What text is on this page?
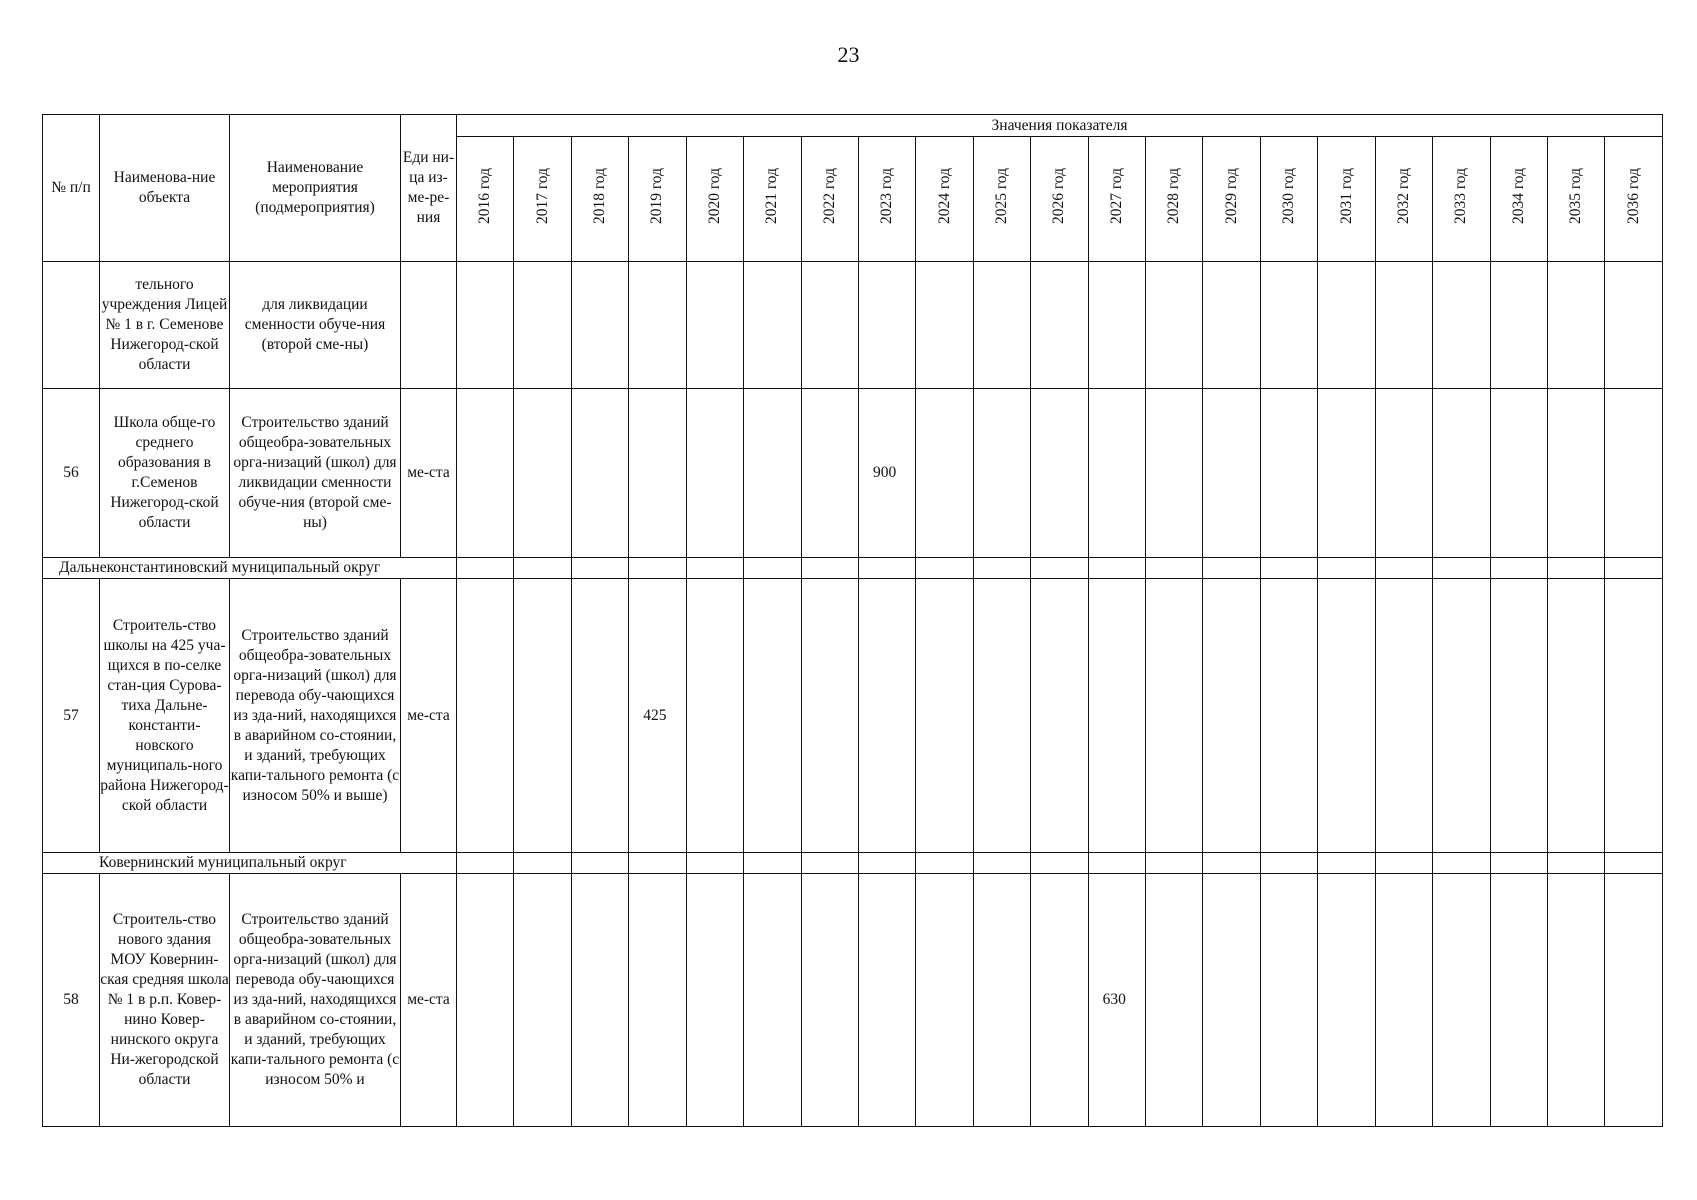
23
№ п/п	Наименова-ние объекта	Наименование мероприятия (подмероприятия)	Еди ни-ца из-ме-ре-ния	Значения показателя																				
				2016 год	2017 год	2018 год	2019 год	2020 год	2021 год	2022 год	2023 год	2024 год	2025 год	2026 год	2027 год	2028 год	2029 год	2030 год	2031 год	2032 год	2033 год	2034 год	2035 год	2036 год
	тельного учреждения Лицей № 1 в г. Семенове Нижегород-ской области	для ликвидации сменности обуче-ния (второй сме-ны)																						
56	Школа обще-го среднего образования в г.Семенов Нижегород-ской области	Строительство зданий общеобра-зовательных орга-низаций (школ) для ликвидации сменности обуче-ния (второй сме-ны)	ме-ста								900													
Дальнеконстантиновский муниципальный округ																								
57	Строитель-ство школы на 425 уча-щихся в по-селке стан-ция Сурова-тиха Дальне-константи-новского муниципаль-ного района Нижегород-ской области	Строительство зданий общеобра-зовательных орга-низаций (школ) для перевода обу-чающихся из зда-ний, находящихся в аварийном со-стоянии, и зданий, требующих капи-тального ремонта (с износом 50% и выше)	ме-ста				425																	
Ковернинский муниципальный округ																								
58	Строитель-ство нового здания МОУ Ковернин-ская средняя школа № 1 в р.п. Ковер-нино Ковер-нинского округа Ни-жегородской области	Строительство зданий общеобра-зовательных орга-низаций (школ) для перевода обу-чающихся из зда-ний, находящихся в аварийном со-стоянии, и зданий, требующих капи-тального ремонта (с износом 50% и	ме-ста												630									
